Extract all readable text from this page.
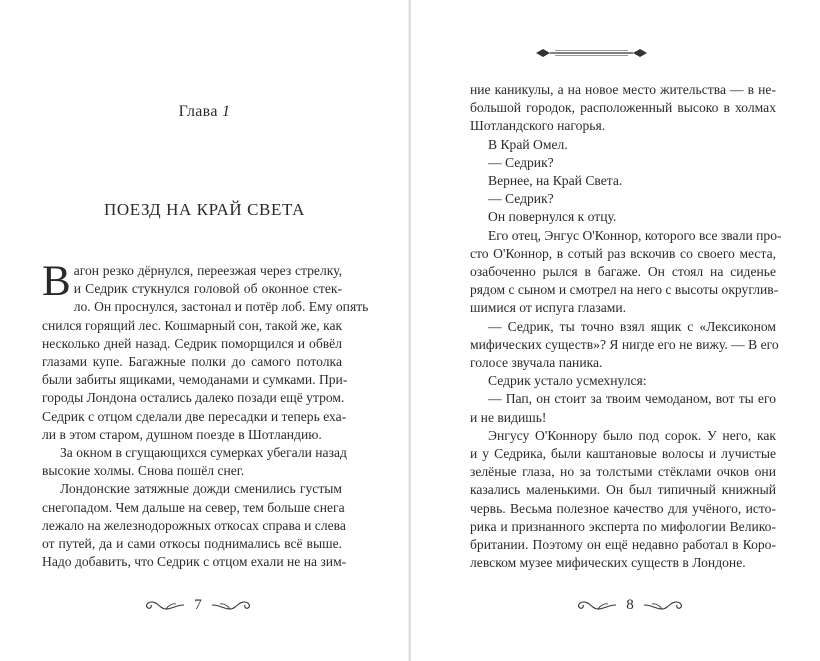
Глава 1
ПОЕЗД НА КРАЙ СВЕТА
В агон резко дёрнулся, переезжая через стрелку,
и Седрик стукнулся головой об оконное стек-
ло. Он проснулся, застонал и потёр лоб. Ему опять
снился горящий лес. Кошмарный сон, такой же, как
несколько дней назад. Седрик поморщился и обвёл
глазами купе. Багажные полки до самого потолка
были забиты ящиками, чемоданами и сумками. При-
городы Лондона остались далеко позади ещё утром.
Седрик с отцом сделали две пересадки и теперь еха-
ли в этом старом, душном поезде в Шотландию.
За окном в сгущающихся сумерках убегали назад
высокие холмы. Снова пошёл снег.
Лондонские затяжные дожди сменились густым
снегопадом. Чем дальше на север, тем больше снега
лежало на железнодорожных откосах справа и слева
от путей, да и сами откосы поднимались всё выше.
Надо добавить, что Седрик с отцом ехали не на зим-
7
ние каникулы, а на новое место жительства — в не-
большой городок, расположенный высоко в холмах
Шотландского нагорья.
В Край Омел.
— Седрик?
Вернее, на Край Света.
— Седрик?
Он повернулся к отцу.
Его отец, Энгус О'Коннор, которого все звали про-
сто О'Коннор, в сотый раз вскочив со своего места,
озабоченно рылся в багаже. Он стоял на сиденье
рядом с сыном и смотрел на него с высоты округлив-
шимися от испуга глазами.
— Седрик, ты точно взял ящик с «Лексиконом
мифических существ»? Я нигде его не вижу. — В его
голосе звучала паника.
Седрик устало усмехнулся:
— Пап, он стоит за твоим чемоданом, вот ты его
и не видишь!
Энгусу О'Коннору было под сорок. У него, как
и у Седрика, были каштановые волосы и лучистые
зелёные глаза, но за толстыми стёклами очков они
казались маленькими. Он был типичный книжный
червь. Весьма полезное качество для учёного, исто-
рика и признанного эксперта по мифологии Велико-
британии. Поэтому он ещё недавно работал в Коро-
левском музее мифических существ в Лондоне.
8
